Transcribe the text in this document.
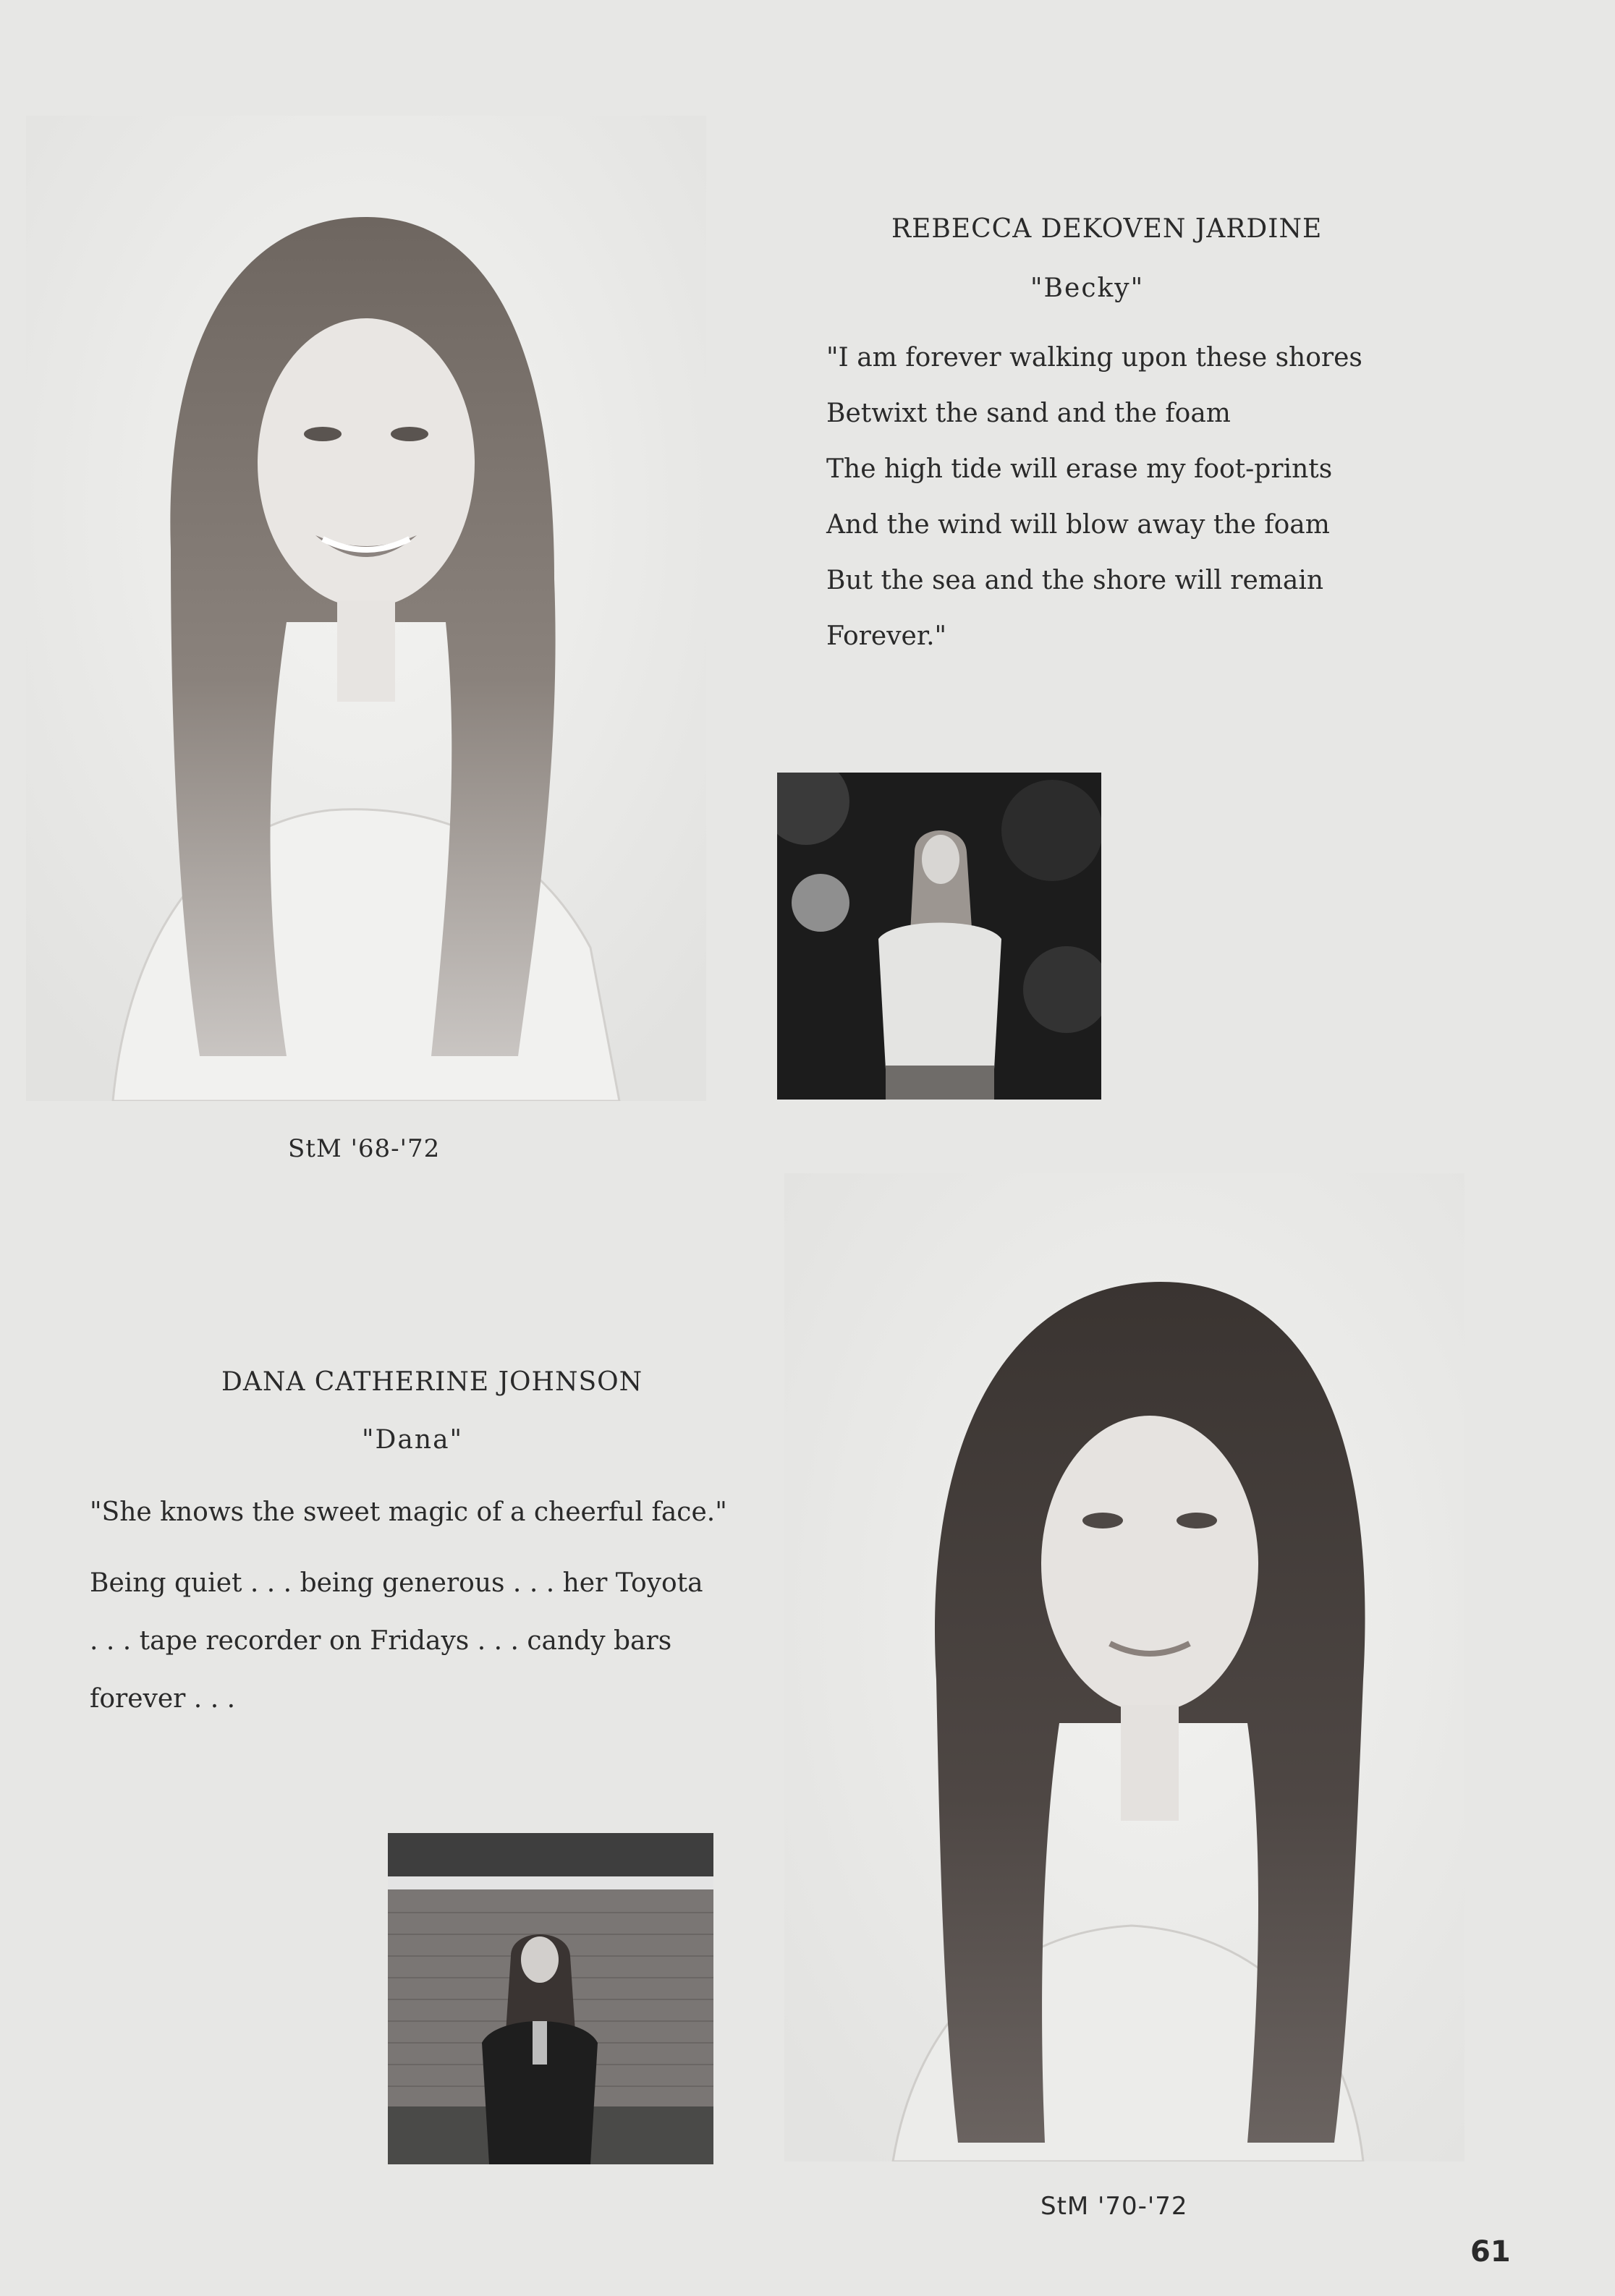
REBECCA DEKOVEN JARDINE
"Becky"
"I am forever walking upon these shores
Betwixt the sand and the foam
The high tide will erase my foot-prints
And the wind will blow away the foam
But the sea and the shore will remain
Forever."
StM '68-'72
DANA CATHERINE JOHNSON
"Dana"
"She knows the sweet magic of a cheerful face."
Being quiet . . . being generous . . . her Toyota
. . . tape recorder on Fridays . . . candy bars
forever . . .
StM '70-'72
61
